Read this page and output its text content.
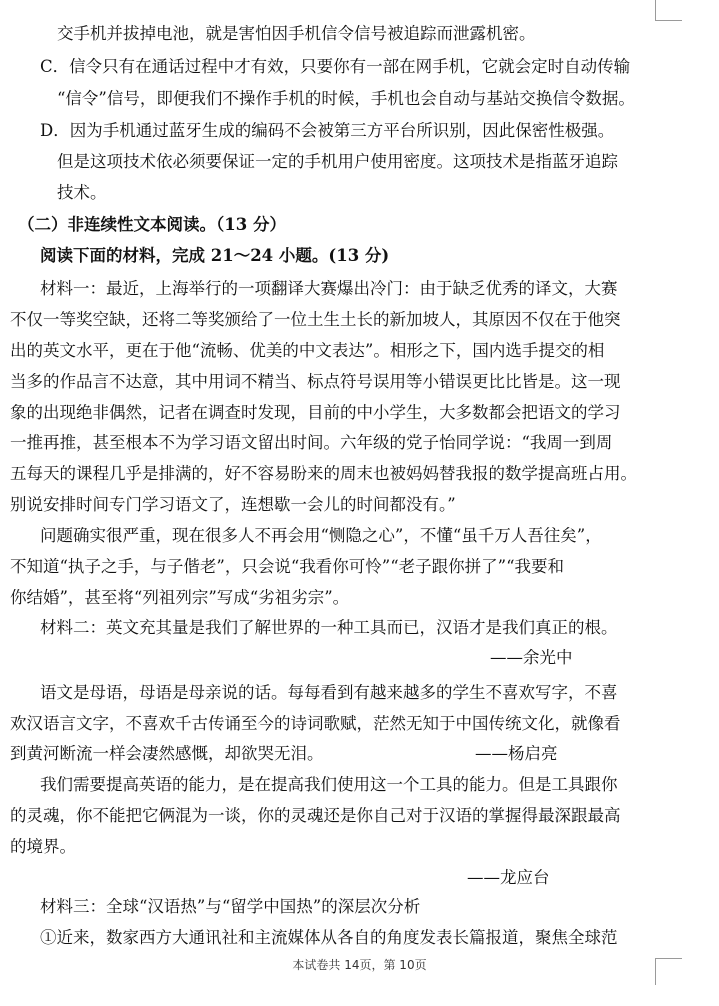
交手机并拔掉电池，就是害怕因手机信令信号被追踪而泄露机密。
C．信令只有在通话过程中才有效，只要你有一部在网手机，它就会定时自动传输
“信令”信号，即便我们不操作手机的时候，手机也会自动与基站交换信令数据。
D．因为手机通过蓝牙生成的编码不会被第三方平台所识别，因此保密性极强。
但是这项技术依必须要保证一定的手机用户使用密度。这项技术是指蓝牙追踪
技术。
（二）非连续性文本阅读。（13 分）
阅读下面的材料，完成 21～24 小题。(13 分)
材料一：最近，上海举行的一项翻译大赛爆出冷门：由于缺乏优秀的译文，大赛
不仅一等奖空缺，还将二等奖颁给了一位土生土长的新加坡人，其原因不仅在于他突
出的英文水平，更在于他“流畅、优美的中文表达”。相形之下，国内选手提交的相
当多的作品言不达意，其中用词不精当、标点符号误用等小错误更比比皆是。这一现
象的出现绝非偶然，记者在调查时发现，目前的中小学生，大多数都会把语文的学习
一推再推，甚至根本不为学习语文留出时间。六年级的党子怡同学说：“我周一到周
五每天的课程几乎是排满的，好不容易盼来的周末也被妈妈替我报的数学提高班占用。
别说安排时间专门学习语文了，连想歇一会儿的时间都没有。”
问题确实很严重，现在很多人不再会用“恻隐之心”，不懂“虽千万人吾往矣”，
不知道“执子之手，与子偕老”，只会说“我看你可怜”“老子跟你拼了”“我要和
你结婚”，甚至将“列祖列宗”写成“劣祖劣宗”。
材料二：英文充其量是我们了解世界的一种工具而已，汉语才是我们真正的根。
——余光中
语文是母语，母语是母亲说的话。每每看到有越来越多的学生不喜欢写字，不喜
欢汉语言文字，不喜欢千古传诵至今的诗词歌赋，茫然无知于中国传统文化，就像看
到黄河断流一样会凄然感慨，却欲哭无泪。	——杨启亮
我们需要提高英语的能力，是在提高我们使用这一个工具的能力。但是工具跟你
的灵魂，你不能把它俩混为一谈，你的灵魂还是你自己对于汉语的掌握得最深跟最高
的境界。
——龙应台
材料三：全球“汉语热”与“留学中国热”的深层次分析
①近来，数家西方大通讯社和主流媒体从各自的角度发表长篇报道，聚焦全球范
本试卷共 14页，第 10页
